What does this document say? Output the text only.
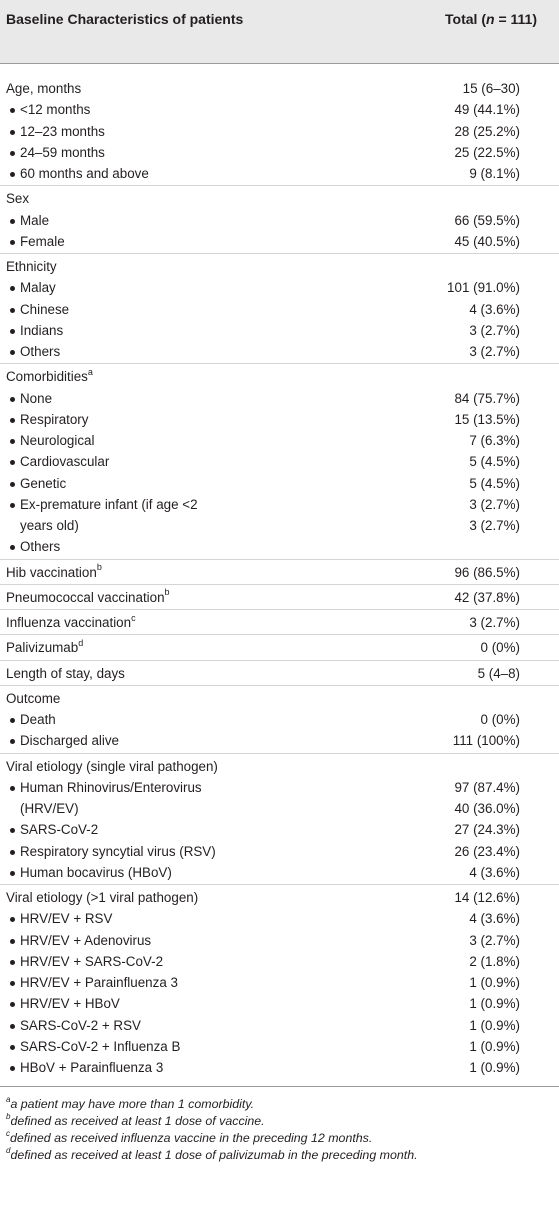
Baseline Characteristics of patients	Total (n = 111)
Age, months	15 (6–30)
<12 months	49 (44.1%)
12–23 months	28 (25.2%)
24–59 months	25 (22.5%)
60 months and above	9 (8.1%)
Sex
Male	66 (59.5%)
Female	45 (40.5%)
Ethnicity
Malay	101 (91.0%)
Chinese	4 (3.6%)
Indians	3 (2.7%)
Others	3 (2.7%)
Comorbidities$^a$
None	84 (75.7%)
Respiratory	15 (13.5%)
Neurological	7 (6.3%)
Cardiovascular	5 (4.5%)
Genetic	5 (4.5%)
Ex-premature infant (if age <2	3 (2.7%)
years old)	3 (2.7%)
Others
Hib vaccination$^b$	96 (86.5%)
Pneumococcal vaccination$^b$	42 (37.8%)
Influenza vaccination$^c$	3 (2.7%)
Palivizumab$^d$	0 (0%)
Length of stay, days	5 (4–8)
Outcome
Death	0 (0%)
Discharged alive	111 (100%)
Viral etiology (single viral pathogen)
Human Rhinovirus/Enterovirus	97 (87.4%)
(HRV/EV)	40 (36.0%)
SARS-CoV-2	27 (24.3%)
Respiratory syncytial virus (RSV)	26 (23.4%)
Human bocavirus (HBoV)	4 (3.6%)
Viral etiology (>1 viral pathogen)	14 (12.6%)
HRV/EV + RSV	4 (3.6%)
HRV/EV + Adenovirus	3 (2.7%)
HRV/EV + SARS-CoV-2	2 (1.8%)
HRV/EV + Parainfluenza 3	1 (0.9%)
HRV/EV + HBoV	1 (0.9%)
SARS-CoV-2 + RSV	1 (0.9%)
SARS-CoV-2 + Influenza B	1 (0.9%)
HBoV + Parainfluenza 3	1 (0.9%)
$^a$a patient may have more than 1 comorbidity.
$^b$defined as received at least 1 dose of vaccine.
$^c$defined as received influenza vaccine in the preceding 12 months.
$^d$defined as received at least 1 dose of palivizumab in the preceding month.
